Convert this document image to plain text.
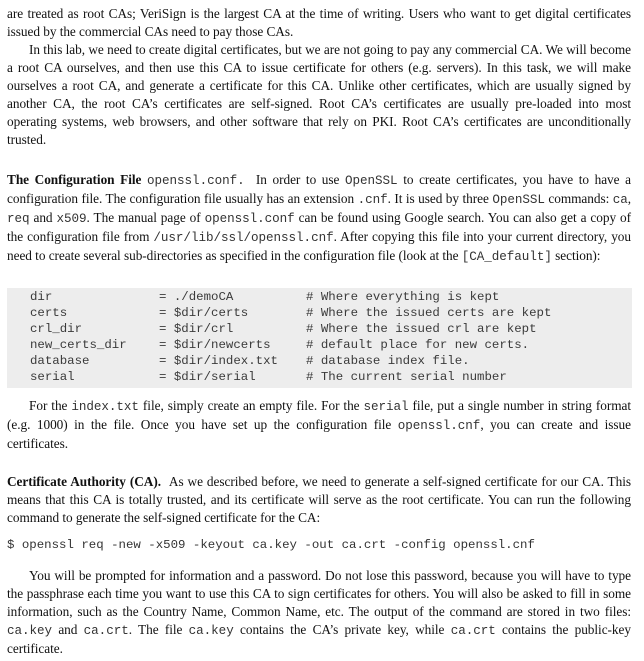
are treated as root CAs; VeriSign is the largest CA at the time of writing. Users who want to get digital certificates issued by the commercial CAs need to pay those CAs.

In this lab, we need to create digital certificates, but we are not going to pay any commercial CA. We will become a root CA ourselves, and then use this CA to issue certificate for others (e.g. servers). In this task, we will make ourselves a root CA, and generate a certificate for this CA. Unlike other certificates, which are usually signed by another CA, the root CA’s certificates are self-signed. Root CA’s certificates are usually pre-loaded into most operating systems, web browsers, and other software that rely on PKI. Root CA’s certificates are unconditionally trusted.

The Configuration File openssl.conf. In order to use OpenSSL to create certificates, you have to have a configuration file. The configuration file usually has an extension .cnf. It is used by three OpenSSL commands: ca, req and x509. The manual page of openssl.conf can be found using Google search. You can also get a copy of the configuration file from /usr/lib/ssl/openssl.cnf. After copying this file into your current directory, you need to create several sub-directories as specified in the configuration file (look at the [CA_default] section):

dir	= ./demoCA	# Where everything is kept
certs	= $dir/certs	# Where the issued certs are kept
crl_dir	= $dir/crl	# Where the issued crl are kept
new_certs_dir	= $dir/newcerts	# default place for new certs.
database	= $dir/index.txt	# database index file.
serial	= $dir/serial	# The current serial number

For the index.txt file, simply create an empty file. For the serial file, put a single number in string format (e.g. 1000) in the file. Once you have set up the configuration file openssl.cnf, you can create and issue certificates.

Certificate Authority (CA). As we described before, we need to generate a self-signed certificate for our CA. This means that this CA is totally trusted, and its certificate will serve as the root certificate. You can run the following command to generate the self-signed certificate for the CA:

$ openssl req -new -x509 -keyout ca.key -out ca.crt -config openssl.cnf

You will be prompted for information and a password. Do not lose this password, because you will have to type the passphrase each time you want to use this CA to sign certificates for others. You will also be asked to fill in some information, such as the Country Name, Common Name, etc. The output of the command are stored in two files: ca.key and ca.crt. The file ca.key contains the CA’s private key, while ca.crt contains the public-key certificate.
